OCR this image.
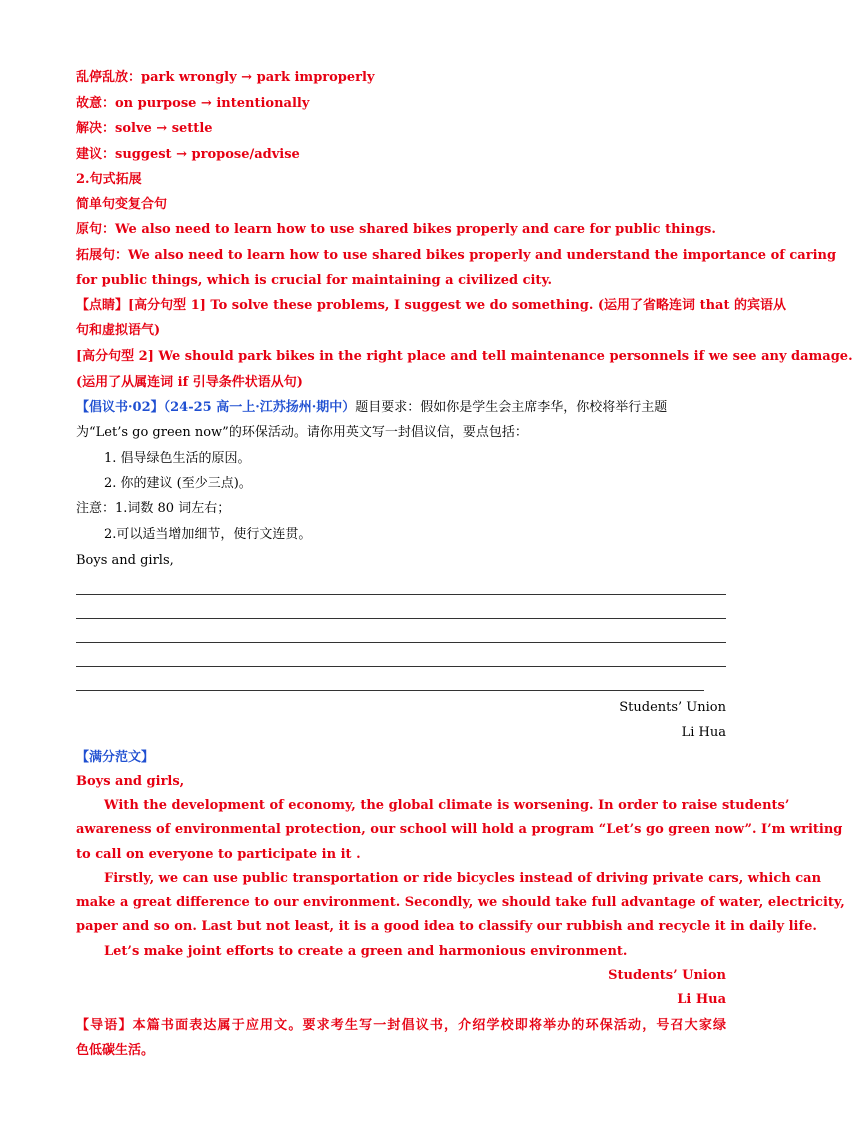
乱停乱放：park wrongly → park improperly
故意：on purpose → intentionally
解决：solve → settle
建议：suggest → propose/advise
2.句式拓展
简单句变复合句
原句：We also need to learn how to use shared bikes properly and care for public things.
拓展句：We also need to learn how to use shared bikes properly and understand the importance of caring
for public things, which is crucial for maintaining a civilized city.
【点睛】[高分句型 1] To solve these problems, I suggest we do something. (运用了省略连词 that 的宾语从
句和虚拟语气)
[高分句型 2] We should park bikes in the right place and tell maintenance personnels if we see any damage.
(运用了从属连词 if 引导条件状语从句)
【倡议书·02】（24-25 高一上·江苏扬州·期中）题目要求：假如你是学生会主席李华，你校将举行主题
为“Let’s go green now”的环保活动。请你用英文写一封倡议信，要点包括：
1. 倡导绿色生活的原因。
2. 你的建议 (至少三点)。
注意：1.词数 80 词左右；
2.可以适当增加细节，使行文连贯。
Boys and girls,
Students’ Union
Li Hua
【满分范文】
Boys and girls,
With the development of economy, the global climate is worsening. In order to raise students’
awareness of environmental protection, our school will hold a program “Let’s go green now”. I’m writing
to call on everyone to participate in it .
Firstly, we can use public transportation or ride bicycles instead of driving private cars, which can
make a great difference to our environment. Secondly, we should take full advantage of water, electricity,
paper and so on. Last but not least, it is a good idea to classify our rubbish and recycle it in daily life.
Let’s make joint efforts to create a green and harmonious environment.
Students’ Union
Li Hua
【导语】本篇书面表达属于应用文。要求考生写一封倡议书，介绍学校即将举办的环保活动，号召大家绿
色低碳生活。
